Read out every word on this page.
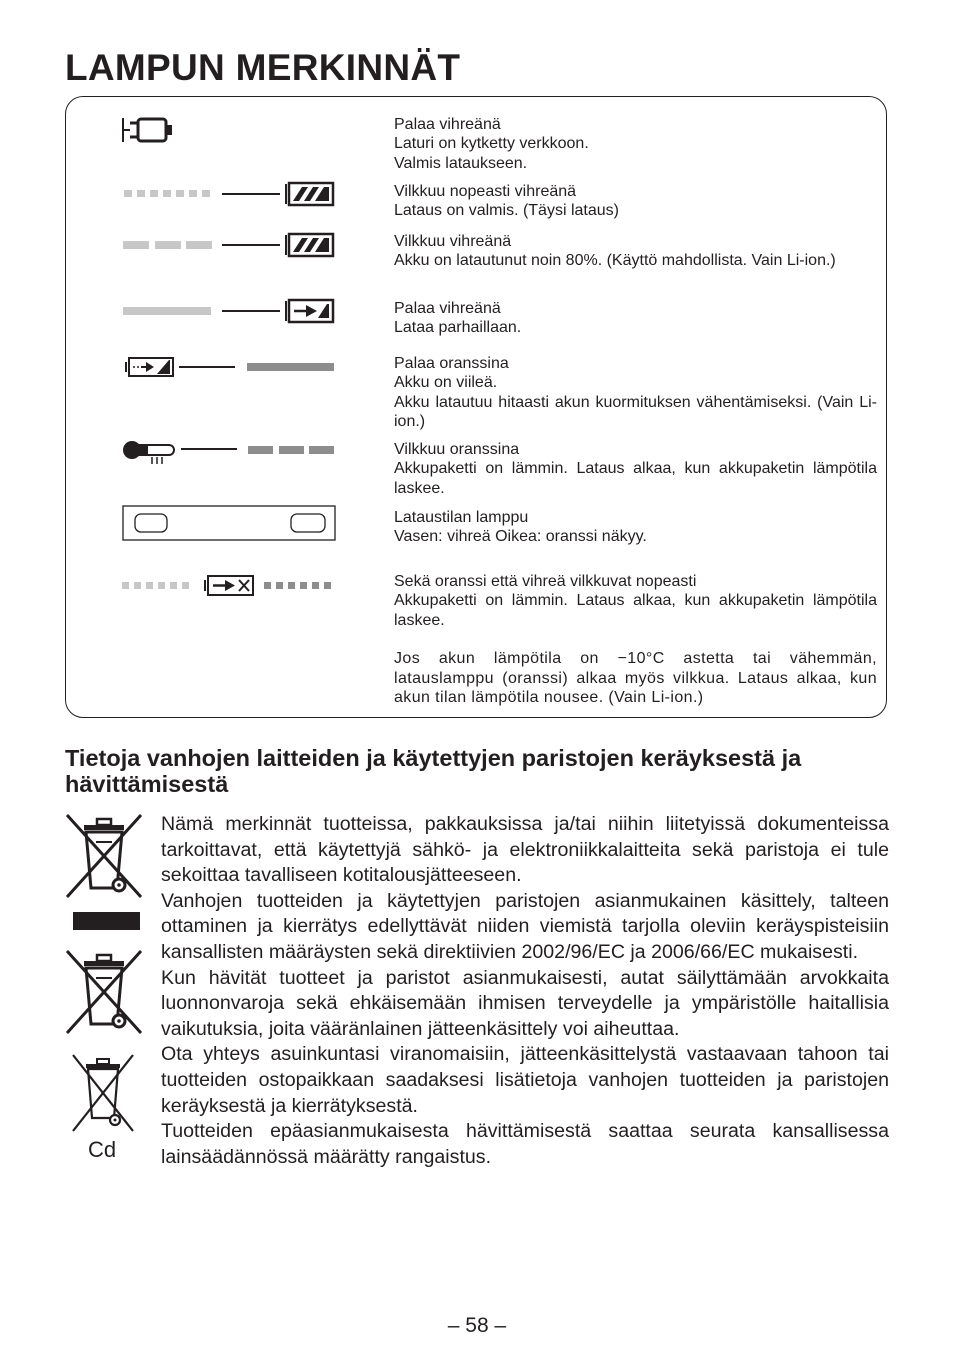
LAMPUN MERKINNÄT
Palaa vihreänä
Laturi on kytketty verkkoon.
Valmis lataukseen.
Vilkkuu nopeasti vihreänä
Lataus on valmis. (Täysi lataus)
Vilkkuu vihreänä
Akku on latautunut noin 80%. (Käyttö mahdollista. Vain Li-ion.)
Palaa vihreänä
Lataa parhaillaan.
Palaa oranssina
Akku on viileä.
Akku latautuu hitaasti akun kuormituksen vähentämiseksi. (Vain Li-ion.)
Vilkkuu oranssina
Akkupaketti on lämmin. Lataus alkaa, kun akkupaketin lämpötila laskee.
Lataustilan lamppu
Vasen: vihreä Oikea: oranssi näkyy.
Sekä oranssi että vihreä vilkkuvat nopeasti
Akkupaketti on lämmin. Lataus alkaa, kun akkupaketin lämpötila laskee.
Jos akun lämpötila on −10°C astetta tai vähemmän, latauslamppu (oranssi) alkaa myös vilkkua. Lataus alkaa, kun akun tilan lämpötila nousee. (Vain Li-ion.)
Tietoja vanhojen laitteiden ja käytettyjen paristojen keräyksestä ja hävittämisestä
Cd

Nämä merkinnät tuotteissa, pakkauksissa ja/tai niihin liitetyissä dokumenteissa tarkoittavat, että käytettyjä sähkö- ja elektroniikkalaitteita sekä paristoja ei tule sekoittaa tavalliseen kotitalousjätteeseen.

Vanhojen tuotteiden ja käytettyjen paristojen asianmukainen käsittely, talteen ottaminen ja kierrätys edellyttävät niiden viemistä tarjolla oleviin keräyspisteisiin kansallisten määräysten sekä direktiivien 2002/96/EC ja 2006/66/EC mukaisesti.

Kun hävität tuotteet ja paristot asianmukaisesti, autat säilyttämään arvokkaita luonnonvaroja sekä ehkäisemään ihmisen terveydelle ja ympäristölle haitallisia vaikutuksia, joita vääränlainen jätteenkäsittely voi aiheuttaa.

Ota yhteys asuinkuntasi viranomaisiin, jätteenkäsittelystä vastaavaan tahoon tai tuotteiden ostopaikkaan saadaksesi lisätietoja vanhojen tuotteiden ja paristojen keräyksestä ja kierrätyksestä.

Tuotteiden epäasianmukaisesta hävittämisestä saattaa seurata kansallisessa lainsäädännössä määrätty rangaistus.

– 58 –
